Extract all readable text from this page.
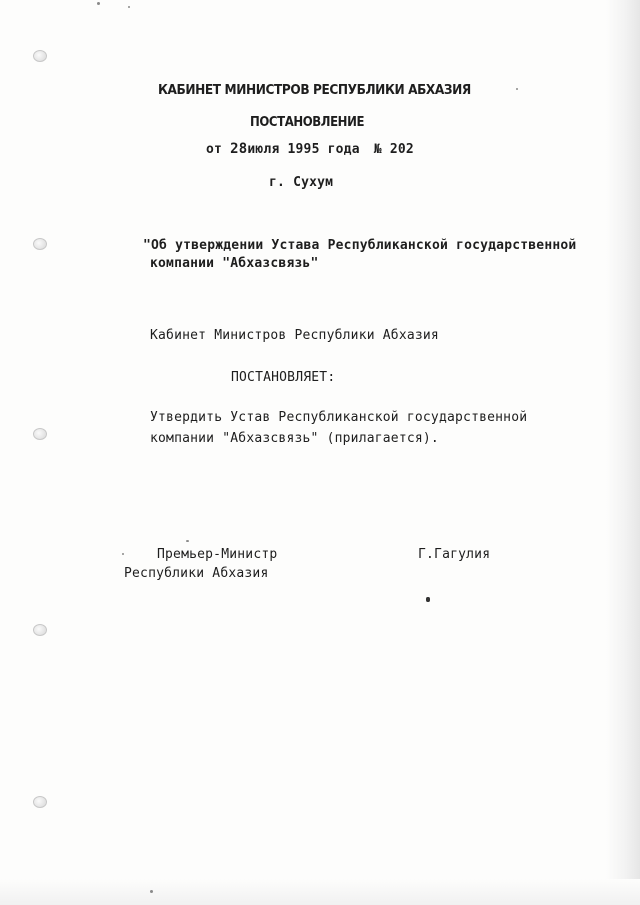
КАБИНЕТ МИНИСТРОВ РЕСПУБЛИКИ АБХАЗИЯ
ПОСТАНОВЛЕНИЕ
от 28июля 1995 года № 202
г. Сухум
"Об утверждении Устава Республиканской государственной
компании "Абхазсвязь"
Кабинет Министров Республики Абхазия
ПОСТАНОВЛЯЕТ:
Утвердить Устав Республиканской государственной
компании "Абхазсвязь" (прилагается).
Премьер-Министр
Республики Абхазия
Г.Гагулия
